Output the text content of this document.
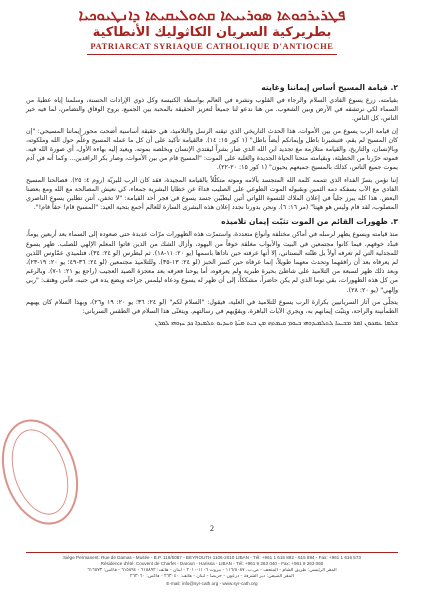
ܦܛܪܝܪܟܘܬܐ ܣܘܪܝܝܬܐ ܩܬܘܠܝܩܝܬܐ ܕܐܢܛܝܘܟܝܐ
بطريركية السريان الكاثوليك الأنطاكية
PATRIARCAT SYRIAQUE CATHOLIQUE D'ANTIOCHE
٢. قيامة المسيح أساس إيماننا وغايته

بقيامته، زرع يسوع الفادي السلام والرجاء في القلوب ونشره في العالم بواسطة الكنيسة وكل ذوي الإرادات الحسنة، وسلمنا إياه عطيةً من السماء لكي نرتشفه في الأرض وبين الشعوب. من هنا ندعو لنا جميعاً لتعزيز الحقيقة بالمحبة بين الجميع، بروح الوفاق والتضامن، لما فيه خير الناس، كل الناس.

إن قيامة الرب يسوع من بين الأموات، هذا الحدث التاريخي الذي تيقنه الرسل والتلاميذ، هي حقيقة أساسية أضحت محور إيماننا المسيحي: "إن كان المسيح لم يقم، فتبشيرنا باطل وإيمانكم أيضاً باطل" (١ كور ١٥: ١٤). فالقيامة تأكيد على أن كل ما عمله المسيح وعلّم حول الله وملكوته، وبالإنسان، والتاريخ، والقيامة متلازمة مع تجديد ابن الله الذي صار بشراً ليفتدي الإنسان ويخلصه بموته، ويعيد إليه بهاءه الأول، أي صورة الله فيه. فموته حرّرنا من الخطيئة، وبقيامته منحنا الحياة الجديدة والغلبة على الموت: "المسيح قام من بين الأموات، وصار بكر الراقدين... وكما أنه في آدم يموت جميع الناس، كذلك بالمسيح جميعهم يحيون" (١ كور ١٥: ٢٠-٢٢).

إننا نؤمن بسرّ الفداء الذي تتممه كلمة الله المتجسد بآلامه وموته متكلّلاً بالقيامة المجيدة، فقد كان الرب للبريّة (روم ٤: ٢٥). فصالحنا المسيح الفادي مع الآب بسفكه دمه الثمين وبقبوله الموت الطوعي على الصليب فداءً عن خطايا البشرية جمعاء، كي نعيش المصالحة مع الله ومع بعضنا البعض. هذا كله يبرز جلياً في إعلان الملاك للنسوة اللواتي أتين ليطيّبن جسد يسوع في فجر أحد القيامة: "لا تخفن، أنتن تطلبن يسوع الناصري المصلوب، لقد قام وليس هو ههنا" (مر ١٦: ٦). ونحن بدورنا نجدد إعلان هذه البشرى السارة للعالم أجمع بتحية العيد: "المسيح قام! حقاً قام!".

٣. ظهورات القائم من الموت تثبّت إيمان تلاميذه

منذ قيامته ويسوع يظهر لرسله في أماكن مختلفة وأنواع متعددة، واستمرّت هذه الظهورات مرّات عديدة حتى صعوده إلى السماء بعد أربعين يوماً، فبدّد خوفهم، فيما كانوا مجتمعين في البيت والأبواب مغلقة خوفاً من اليهود، وأزال الشك من الذين فاتوا المعلم الإلهي للصلب. ظهر يسوع للمجدلية التي لم تعرفه أولاً بل ظنّته البستاني، إلا أنها عرفته حين ناداها باسمها (يو ٢٠: ١١-١٨). ثم لبطرس (لو ٢٤: ٣٤)، فتلميذي عمّاوس اللذين لم يعرفاه بعد أن رافقهما وتحدث معهما طويلاً، إنما عرفاه حين كسر الخبز (لو ٢٤: ١٣-٣٥). وللتلاميذ مجتمعين (لو ٢٤: ٣٦-٤٩؛ يو ٢٠: ١٩-٢٣)، وبعد ذلك ظهر لسبعة من التلاميذ على شاطئ بحيرة طبرية ولم يعرفوه، أما يوحنا فعرفه بعد معجزة الصيد العجيب (راجع يو ٢١: ١-٧). وبالرغم من كل هذه الظهورات، بقي توما الذي لم يكن حاضراً، مشككاً، إلى أن ظهر له يسوع ودعاه ليلمس جراحه ويضع يده في جنبه، فآمن وهتف: "ربي وإلهي" (يو ٢٠: ٢٨).

يتجلّى من آثار السريانيين بكرازة الرب يسوع للتلاميذ في العلية، فيقول: "السلام لكم" (لو ٢٤: ٣٦؛ يو ٢٠: ١٩ و٢٦)، وبهذا السلام كان يهبهم الطمأنينة والراحة، ويثبّت إيمانهم به، ويجري الآيات الباهرة، ويقوّيهم في رسالتهم. ويتغنّى هذا السلام في الطقس السرياني:

ܫܠܡܐ ܥܡܟܘܢ ܐܡܪ ܡܫܝܚܐ ܠܬܠܡܝܕܘܗܝ ܒܝܘܡ ܩܝܡܬܗ ܡܢ ܒܝܬ ܡܝ̈ܬܐ ܘܚܕܝܘ ܬܠܡܝܕܐ ܟܕ ܚܙܘܗܝ ܠܡܪܢ

2
Siège Permanent: Rue de Damas - Musée - B.P. 116/5087 - BEYROUTH 1106-2010 LIBAN - Tél: +961 1 615 892 - 615 894 - Fax: +961 1 616 573
Résidence d'été: Couvent de Charfet - Daroun - Harissa - LIBAN - Tél: +961 9 263 040 - Fax: +961 9 263 060
المقر الرئيسي: طريق الشام - المتحف - ص.ب. ١١٦/٥٠٨٧ - بيروت ١١٠٦-٢٠١٠ - لبنان - هاتف: ٦١٥٨٩٢ - ٦١٥٨٩٤ - فاكس: ٦١٦٥٧٣
المقر الصيفي: دير الشرفة - درعون - حريصا - لبنان - هاتف: ٢٦٣٠٤٠ - فاكس: ٢٦٣٠٦٠
E-mail: info@syr-cath.org - www.syr-cath.org
